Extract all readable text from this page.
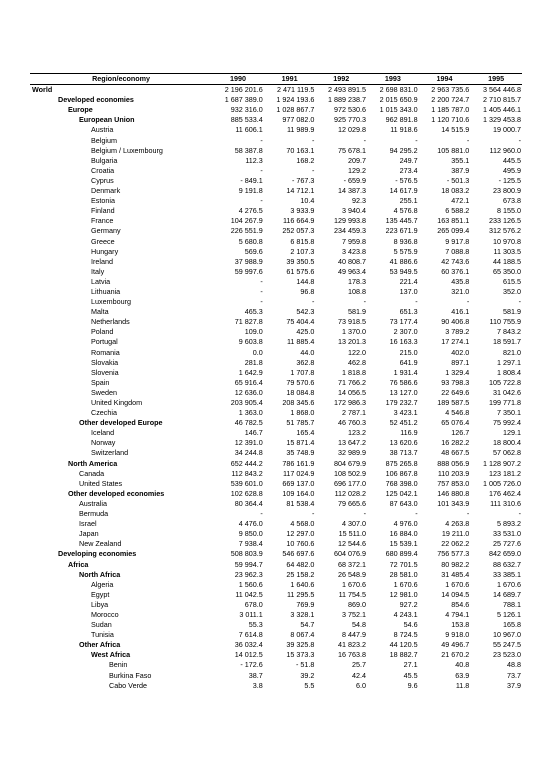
Region/economy	1990	1991	1992	1993	1994	1995
World	2 196 201.6	2 471 119.5	2 493 891.5	2 698 831.0	2 963 735.6	3 564 446.8
Developed economies	1 687 389.0	1 924 193.6	1 889 238.7	2 015 650.9	2 200 724.7	2 710 815.7
Europe	932 316.0	1 028 867.7	972 530.6	1 015 343.0	1 185 787.0	1 405 446.1
European Union	885 533.4	977 082.0	925 770.3	962 891.8	1 120 710.6	1 329 453.8
Austria	11 606.1	11 989.9	12 029.8	11 918.6	14 515.9	19 000.7
Belgium	-	-	-	-	-	-
Belgium / Luxembourg	58 387.8	70 163.1	75 678.1	94 295.2	105 881.0	112 960.0
Bulgaria	112.3	168.2	209.7	249.7	355.1	445.5
Croatia	-	-	129.2	273.4	387.9	495.9
Cyprus	- 849.1	- 767.3	- 659.9	- 576.5	- 501.3	- 125.5
Denmark	9 191.8	14 712.1	14 387.3	14 617.9	18 083.2	23 800.9
Estonia	-	10.4	92.3	255.1	472.1	673.8
Finland	4 276.5	3 933.9	3 940.4	4 576.8	6 588.2	8 155.0
France	104 267.9	116 664.9	129 993.8	135 445.7	163 851.1	233 126.5
Germany	226 551.9	252 057.3	234 459.3	223 671.9	265 099.4	312 576.2
Greece	5 680.8	6 815.8	7 959.8	8 936.8	9 917.8	10 970.8
Hungary	569.6	2 107.3	3 423.8	5 575.9	7 088.8	11 303.5
Ireland	37 988.9	39 350.5	40 808.7	41 886.6	42 743.6	44 188.5
Italy	59 997.6	61 575.6	49 963.4	53 949.5	60 376.1	65 350.0
Latvia	-	144.8	178.3	221.4	435.8	615.5
Lithuania	-	96.8	108.8	137.0	321.0	352.0
Luxembourg	-	-	-	-	-	-
Malta	465.3	542.3	581.9	651.3	416.1	581.9
Netherlands	71 827.8	75 404.4	73 918.5	73 177.4	90 406.8	110 755.9
Poland	109.0	425.0	1 370.0	2 307.0	3 789.2	7 843.2
Portugal	9 603.8	11 885.4	13 201.3	16 163.3	17 274.1	18 591.7
Romania	0.0	44.0	122.0	215.0	402.0	821.0
Slovakia	281.8	362.8	462.8	641.9	897.1	1 297.1
Slovenia	1 642.9	1 707.8	1 818.8	1 931.4	1 329.4	1 808.4
Spain	65 916.4	79 570.6	71 766.2	76 586.6	93 798.3	105 722.8
Sweden	12 636.0	18 084.8	14 056.5	13 127.0	22 649.6	31 042.6
United Kingdom	203 905.4	208 345.6	172 986.3	179 232.7	189 587.5	199 771.8
Czechia	1 363.0	1 868.0	2 787.1	3 423.1	4 546.8	7 350.1
Other developed Europe	46 782.5	51 785.7	46 760.3	52 451.2	65 076.4	75 992.4
Iceland	146.7	165.4	123.2	116.9	126.7	129.1
Norway	12 391.0	15 871.4	13 647.2	13 620.6	16 282.2	18 800.4
Switzerland	34 244.8	35 748.9	32 989.9	38 713.7	48 667.5	57 062.8
North America	652 444.2	786 161.9	804 679.9	875 265.8	888 056.9	1 128 907.2
Canada	112 843.2	117 024.9	108 502.9	106 867.8	110 203.9	123 181.2
United States	539 601.0	669 137.0	696 177.0	768 398.0	757 853.0	1 005 726.0
Other developed economies	102 628.8	109 164.0	112 028.2	125 042.1	146 880.8	176 462.4
Australia	80 364.4	81 538.4	79 665.6	87 643.0	101 343.9	111 310.6
Bermuda	-	-	-	-	-	-
Israel	4 476.0	4 568.0	4 307.0	4 976.0	4 263.8	5 893.2
Japan	9 850.0	12 297.0	15 511.0	16 884.0	19 211.0	33 531.0
New Zealand	7 938.4	10 760.6	12 544.6	15 539.1	22 062.2	25 727.6
Developing economies	508 803.9	546 697.6	604 076.9	680 899.4	756 577.3	842 659.0
Africa	59 994.7	64 482.0	68 372.1	72 701.5	80 982.2	88 632.7
North Africa	23 962.3	25 158.2	26 548.9	28 581.0	31 485.4	33 385.1
Algeria	1 560.6	1 640.6	1 670.6	1 670.6	1 670.6	1 670.6
Egypt	11 042.5	11 295.5	11 754.5	12 981.0	14 094.5	14 689.7
Libya	678.0	769.9	869.0	927.2	854.6	788.1
Morocco	3 011.1	3 328.1	3 752.1	4 243.1	4 794.1	5 126.1
Sudan	55.3	54.7	54.8	54.6	153.8	165.8
Tunisia	7 614.8	8 067.4	8 447.9	8 724.5	9 918.0	10 967.0
Other Africa	36 032.4	39 325.8	41 823.2	44 120.5	49 496.7	55 247.5
West Africa	14 012.5	15 373.3	16 763.8	18 882.7	21 670.2	23 523.0
Benin	- 172.6	- 51.8	25.7	27.1	40.8	48.8
Burkina Faso	38.7	39.2	42.4	45.5	63.9	73.7
Cabo Verde	3.8	5.5	6.0	9.6	11.8	37.9
